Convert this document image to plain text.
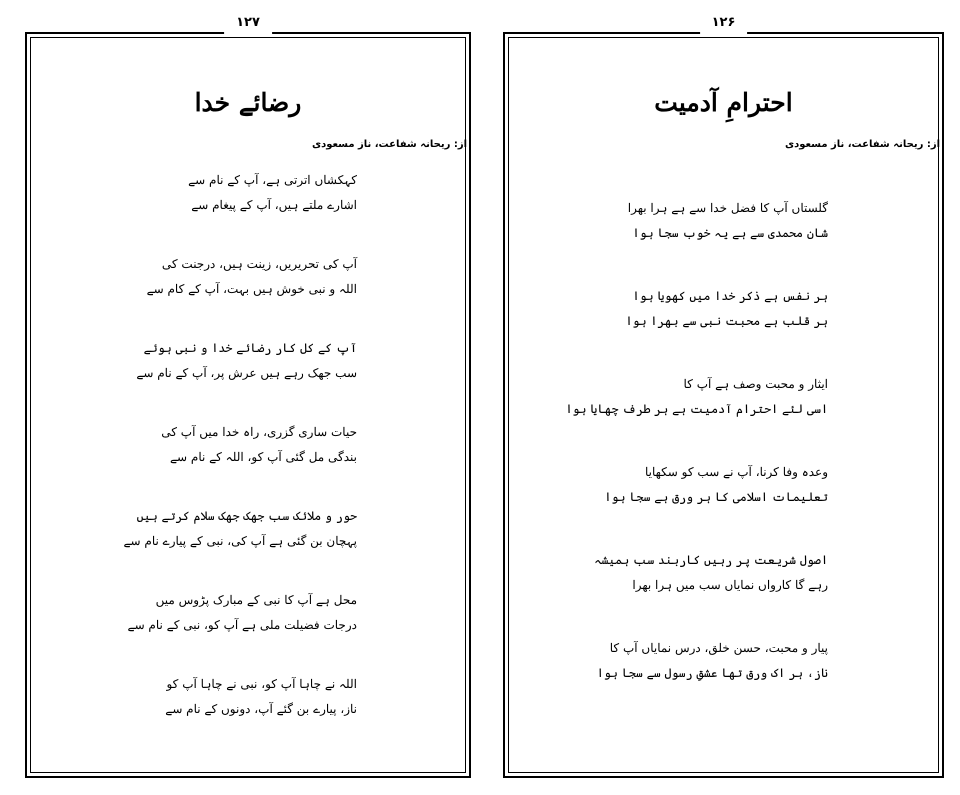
۱۲۷
رضائے خدا
از: ریحانہ شفاعت، ناز مسعودی
کہکشاں اترتی ہے، آپ کے نام سے
اشارے ملتے ہیں، آپ کے پیغام سے
آپ کی تحریریں، زینت ہیں، درجنت کی
اللہ و نبی خوش ہیں بہت، آپ کے کام سے
آپ کے کل کار رضائے خدا و نبی ہوئے
سب جھک رہے ہیں عرش پر، آپ کے نام سے
حیات ساری گزری، راہ خدا میں آپ کی
بندگی مل گئی آپ کو، اللہ کے نام سے
حور و ملائک سب جھک جھک سلام کرتے ہیں
پہچان بن گئی ہے آپ کی، نبی کے پیارے نام سے
محل ہے آپ کا نبی کے مبارک پڑوس میں
درجات فضیلت ملی ہے آپ کو، نبی کے نام سے
اللہ نے چاہا آپ کو، نبی نے چاہا آپ کو
ناز، پیارے بن گئے آپ، دونوں کے نام سے
۱۲۶
احترامِ آدمیت
از: ریحانہ شفاعت، ناز مسعودی
گلستاں آپ کا فضل خدا سے ہے ہرا بھرا
شان محمدی سے ہے یہ خوب سجا ہوا
ہر نفس ہے ذکر خدا میں کھویا ہوا
ہر قلب ہے محبت نبی سے بھرا ہوا
ایثار و محبت وصف ہے آپ کا
اسی لئے احترام آدمیت ہے ہر طرف چھایا ہوا
وعدہ وفا کرنا، آپ نے سب کو سکھایا
تعلیمات اسلامی کا ہر ورق ہے سجا ہوا
اصول شریعت پر رہیں کاربند سب ہمیشہ
رہے گا کارواں نمایاں سب میں ہرا بھرا
پیار و محبت، حسن خلق، درس نمایاں آپ کا
ناز، ہر اک ورق تھا عشقِ رسول سے سجا ہوا
